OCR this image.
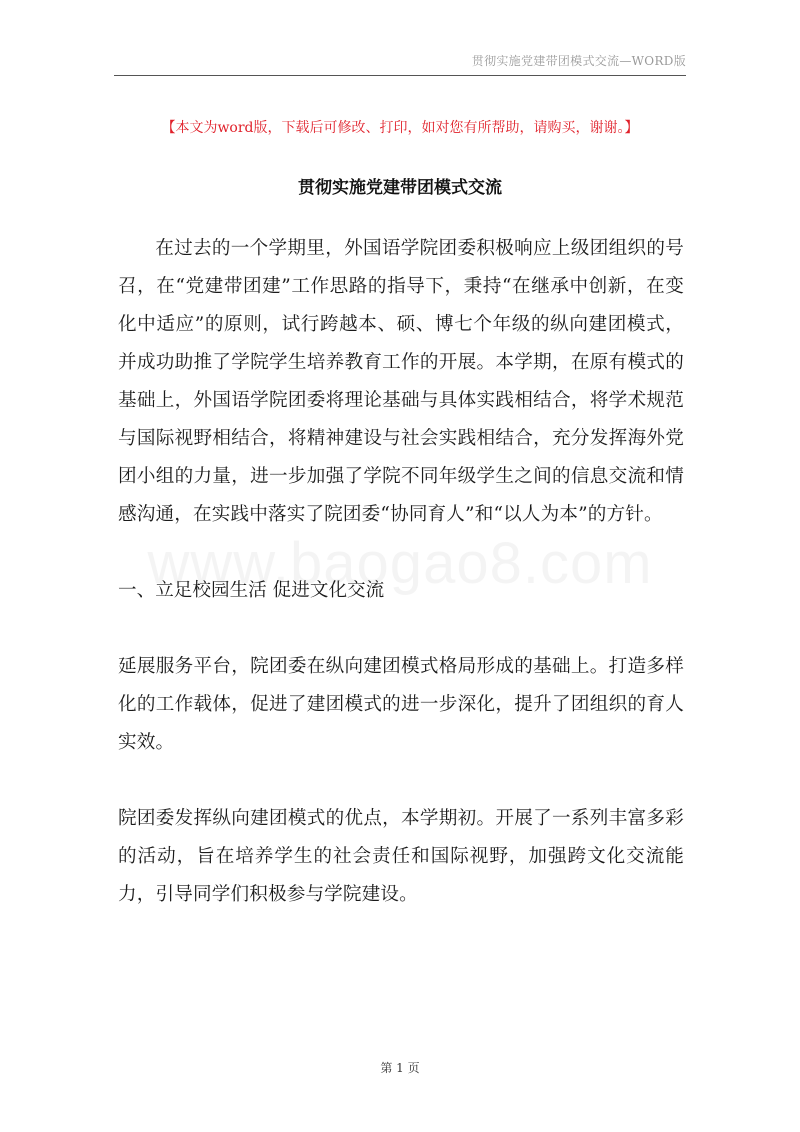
贯彻实施党建带团模式交流—WORD版
【本文为word版，下载后可修改、打印，如对您有所帮助，请购买，谢谢。】
贯彻实施党建带团模式交流

在过去的一个学期里，外国语学院团委积极响应上级团组织的号召，在“党建带团建”工作思路的指导下，秉持“在继承中创新，在变化中适应”的原则，试行跨越本、硕、博七个年级的纵向建团模式，并成功助推了学院学生培养教育工作的开展。本学期，在原有模式的基础上，外国语学院团委将理论基础与具体实践相结合，将学术规范与国际视野相结合，将精神建设与社会实践相结合，充分发挥海外党团小组的力量，进一步加强了学院不同年级学生之间的信息交流和情感沟通，在实践中落实了院团委“协同育人”和“以人为本”的方针。

一、立足校园生活 促进文化交流

延展服务平台，院团委在纵向建团模式格局形成的基础上。打造多样化的工作载体，促进了建团模式的进一步深化，提升了团组织的育人实效。

院团委发挥纵向建团模式的优点，本学期初。开展了一系列丰富多彩的活动，旨在培养学生的社会责任和国际视野，加强跨文化交流能力，引导同学们积极参与学院建设。

第 1 页
